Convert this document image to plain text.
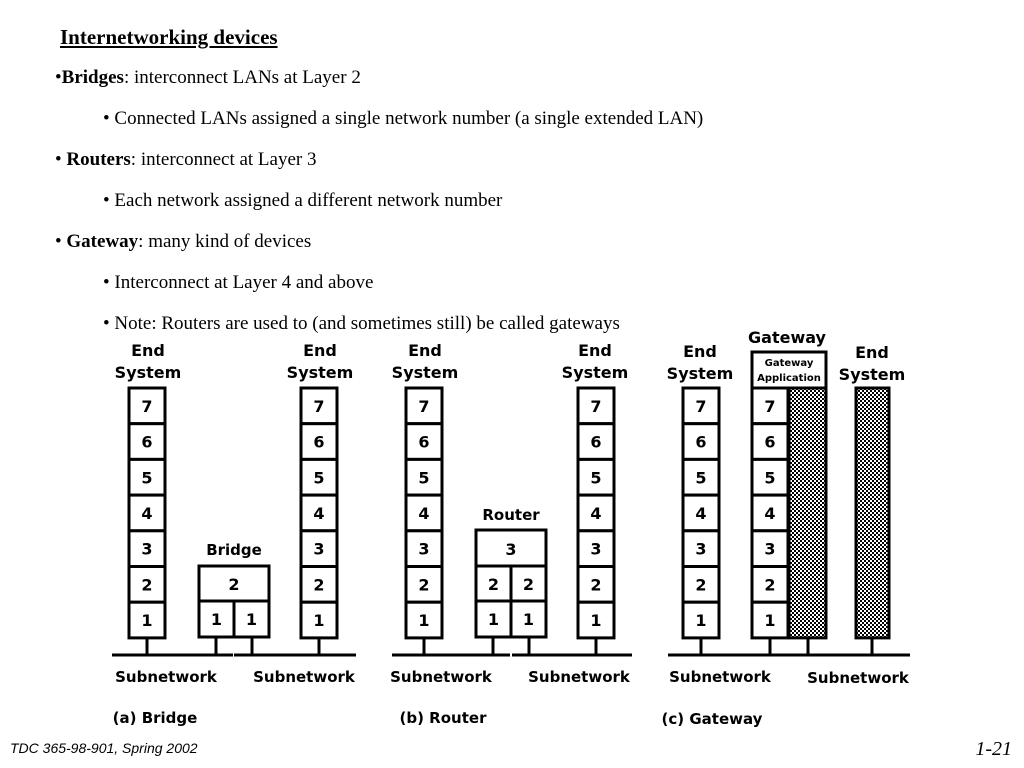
Internetworking devices
•Bridges: interconnect LANs at Layer 2
• Connected LANs assigned a single network number (a single extended LAN)
• Routers: interconnect at Layer 3
• Each network assigned a different network number
• Gateway: many kind of devices
• Interconnect at Layer 4 and above
• Note: Routers are used to (and sometimes still) be called gateways
End
System
7
6
5
4
3
2
1
End
System
7
6
5
4
3
2
1
Bridge
2
1 1
Subnetwork Subnetwork
(a) Bridge
End
System
7
6
5
4
3
2
1
End
System
7
6
5
4
3
2
1
Router
3
2 2
1 1
Subnetwork Subnetwork
(b) Router
End
System
7
6
5
4
3
2
1
Gateway
Gateway
Application
7
6
5
4
3
2
1
End
System
Subnetwork Subnetwork
(c) Gateway
TDC 365-98-901, Spring 2002	1-21
